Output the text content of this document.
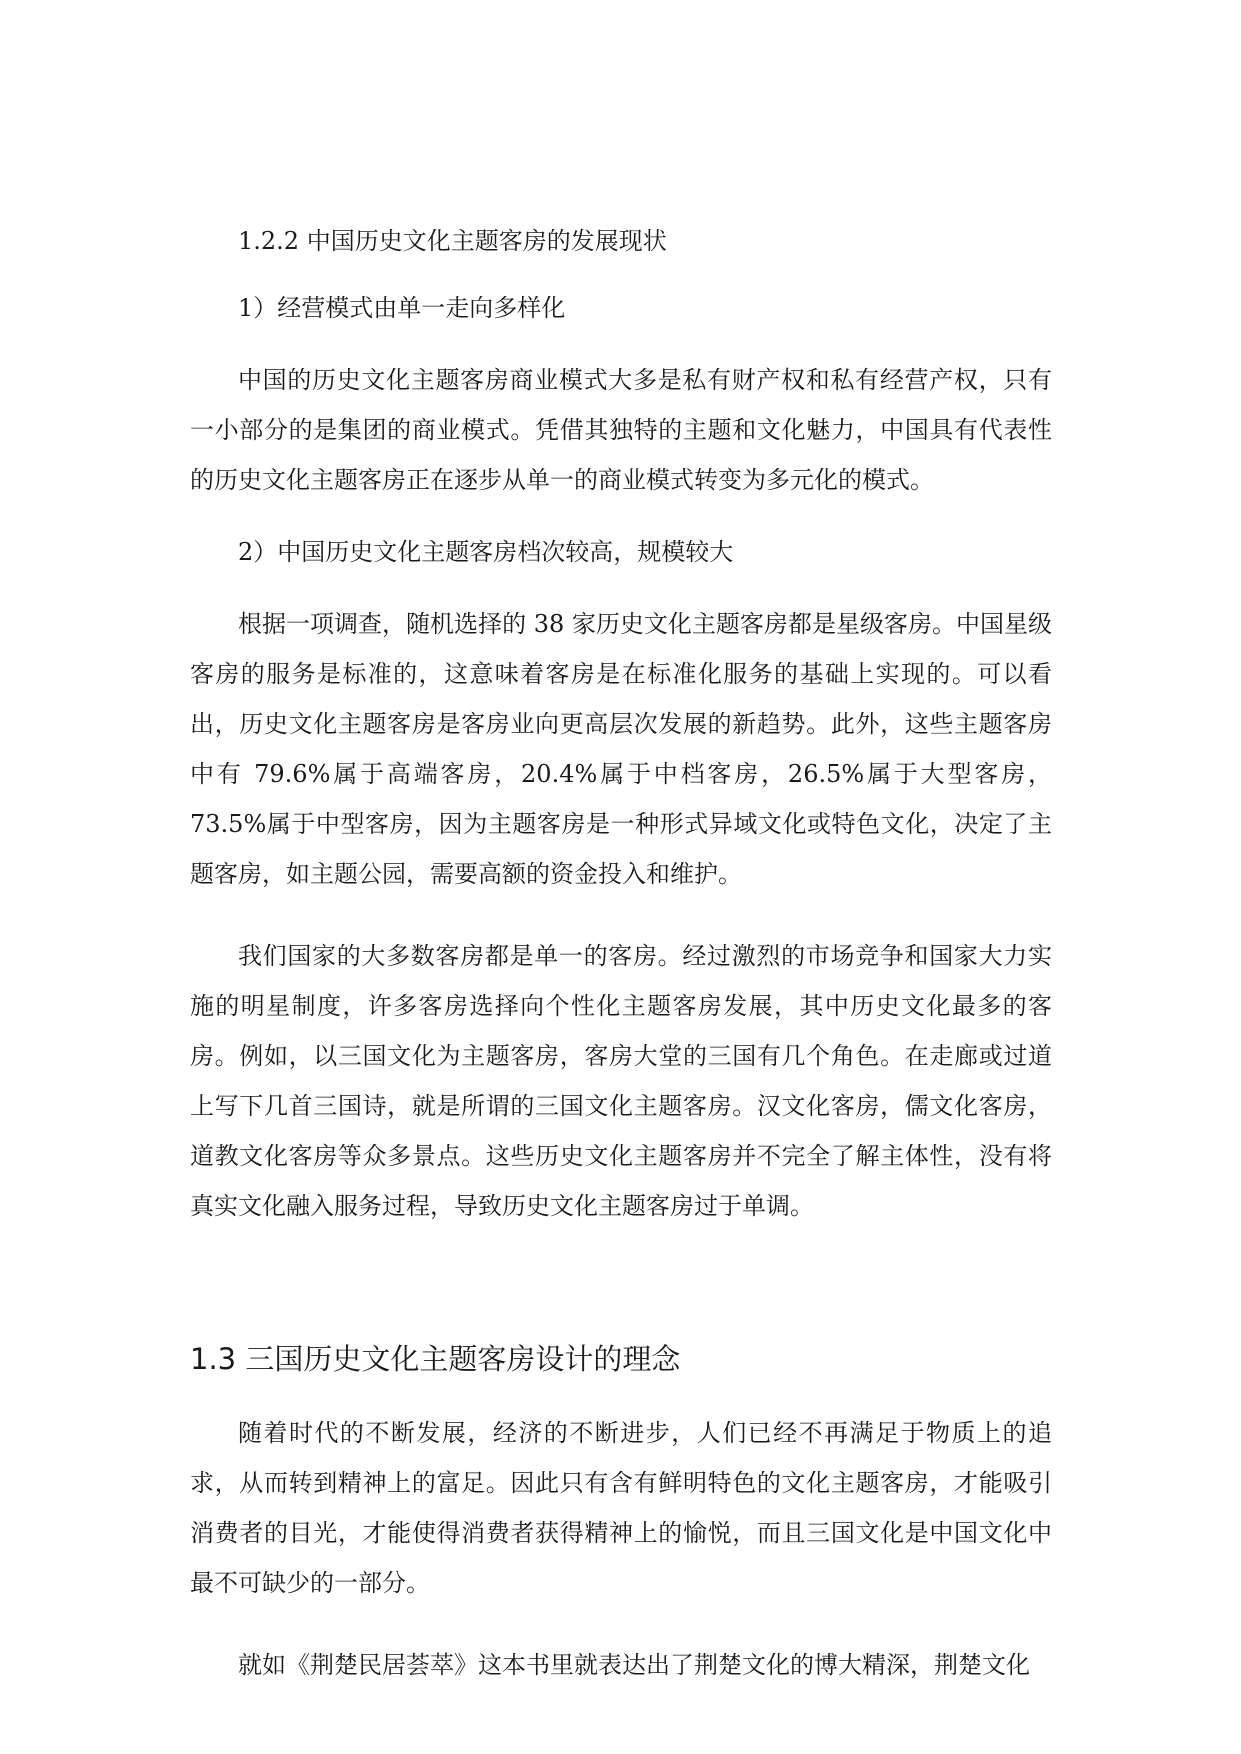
1.2.2 中国历史文化主题客房的发展现状
1）经营模式由单一走向多样化

中国的历史文化主题客房商业模式大多是私有财产权和私有经营产权，只有一小部分的是集团的商业模式。凭借其独特的主题和文化魅力，中国具有代表性的历史文化主题客房正在逐步从单一的商业模式转变为多元化的模式。

2）中国历史文化主题客房档次较高，规模较大

根据一项调查，随机选择的 38 家历史文化主题客房都是星级客房。中国星级客房的服务是标准的，这意味着客房是在标准化服务的基础上实现的。可以看出，历史文化主题客房是客房业向更高层次发展的新趋势。此外，这些主题客房中有 79.6%属于高端客房，20.4%属于中档客房，26.5%属于大型客房，73.5%属于中型客房，因为主题客房是一种形式异域文化或特色文化，决定了主题客房，如主题公园，需要高额的资金投入和维护。

我们国家的大多数客房都是单一的客房。经过激烈的市场竞争和国家大力实施的明星制度，许多客房选择向个性化主题客房发展，其中历史文化最多的客房。例如，以三国文化为主题客房，客房大堂的三国有几个角色。在走廊或过道上写下几首三国诗，就是所谓的三国文化主题客房。汉文化客房，儒文化客房，道教文化客房等众多景点。这些历史文化主题客房并不完全了解主体性，没有将真实文化融入服务过程，导致历史文化主题客房过于单调。

1.3 三国历史文化主题客房设计的理念

随着时代的不断发展，经济的不断进步，人们已经不再满足于物质上的追求，从而转到精神上的富足。因此只有含有鲜明特色的文化主题客房，才能吸引消费者的目光，才能使得消费者获得精神上的愉悦，而且三国文化是中国文化中最不可缺少的一部分。

就如《荆楚民居荟萃》这本书里就表达出了荆楚文化的博大精深，荆楚文化
